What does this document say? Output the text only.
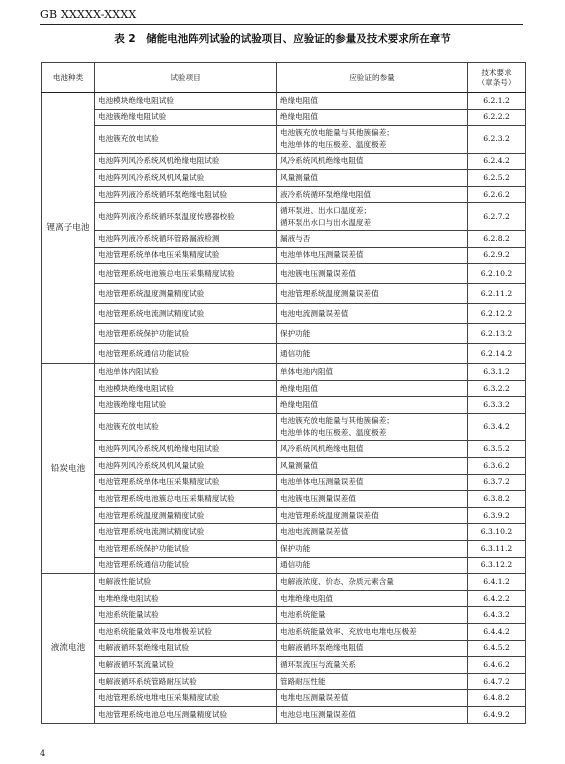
GB XXXXX-XXXX
表 2　储能电池阵列试验的试验项目、应验证的参量及技术要求所在章节
电池种类	试验项目	应验证的参量	技术要求
（章条号）

锂离子电池	电池模块绝缘电阻试验	绝缘电阻值	6.2.1.2
	电池簇绝缘电阻试验	绝缘电阻值	6.2.2.2
	电池簇充放电试验	电池簇充放电能量与其他簇偏差；
电池单体的电压极差、温度极差	6.2.3.2
	电池阵列风冷系统风机绝缘电阻试验	风冷系统风机绝缘电阻值	6.2.4.2
	电池阵列风冷系统风机风量试验	风量测量值	6.2.5.2
	电池阵列液冷系统循环泵绝缘电阻试验	液冷系统循环泵绝缘电阻值	6.2.6.2
	电池阵列液冷系统循环泵温度传感器校验	循环泵进、出水口温度差；
循环泵出水口与出水温度差	6.2.7.2
	电池阵列液冷系统循环管路漏液检测	漏液与否	6.2.8.2
	电池管理系统单体电压采集精度试验	电池单体电压测量误差值	6.2.9.2
	电池管理系统电池簇总电压采集精度试验	电池簇电压测量误差值	6.2.10.2
	电池管理系统温度测量精度试验	电池管理系统温度测量误差值	6.2.11.2
	电池管理系统电流测试精度试验	电池电流测量误差值	6.2.12.2
	电池管理系统保护功能试验	保护功能	6.2.13.2
	电池管理系统通信功能试验	通信功能	6.2.14.2
铅炭电池	电池单体内阻试验	单体电池内阻值	6.3.1.2
	电池模块绝缘电阻试验	绝缘电阻值	6.3.2.2
	电池簇绝缘电阻试验	绝缘电阻值	6.3.3.2
	电池簇充放电试验	电池簇充放电能量与其他簇偏差；
电池单体的电压极差、温度极差	6.3.4.2
	电池阵列风冷系统风机绝缘电阻试验	风冷系统风机绝缘电阻值	6.3.5.2
	电池阵列风冷系统风机风量试验	风量测量值	6.3.6.2
	电池管理系统单体电压采集精度试验	电池单体电压测量误差值	6.3.7.2
	电池管理系统电池簇总电压采集精度试验	电池簇电压测量误差值	6.3.8.2
	电池管理系统温度测量精度试验	电池管理系统温度测量误差值	6.3.9.2
	电池管理系统电流测试精度试验	电池电流测量误差值	6.3.10.2
	电池管理系统保护功能试验	保护功能	6.3.11.2
	电池管理系统通信功能试验	通信功能	6.3.12.2
液流电池	电解液性能试验	电解液浓度、价态、杂质元素含量	6.4.1.2
	电堆绝缘电阻试验	电堆绝缘电阻值	6.4.2.2
	电池系统能量试验	电池系统能量	6.4.3.2
	电池系统能量效率及电堆极差试验	电池系统能量效率、充放电电堆电压极差	6.4.4.2
	电解液循环泵绝缘电阻试验	电解液循环泵绝缘电阻值	6.4.5.2
	电解液循环泵流量试验	循环泵流压与流量关系	6.4.6.2
	电解液循环系统管路耐压试验	管路耐压性能	6.4.7.2
	电池管理系统电堆电压采集精度试验	电堆电压测量误差值	6.4.8.2
	电池管理系统电池总电压测量精度试验	电池总电压测量误差值	6.4.9.2
4
